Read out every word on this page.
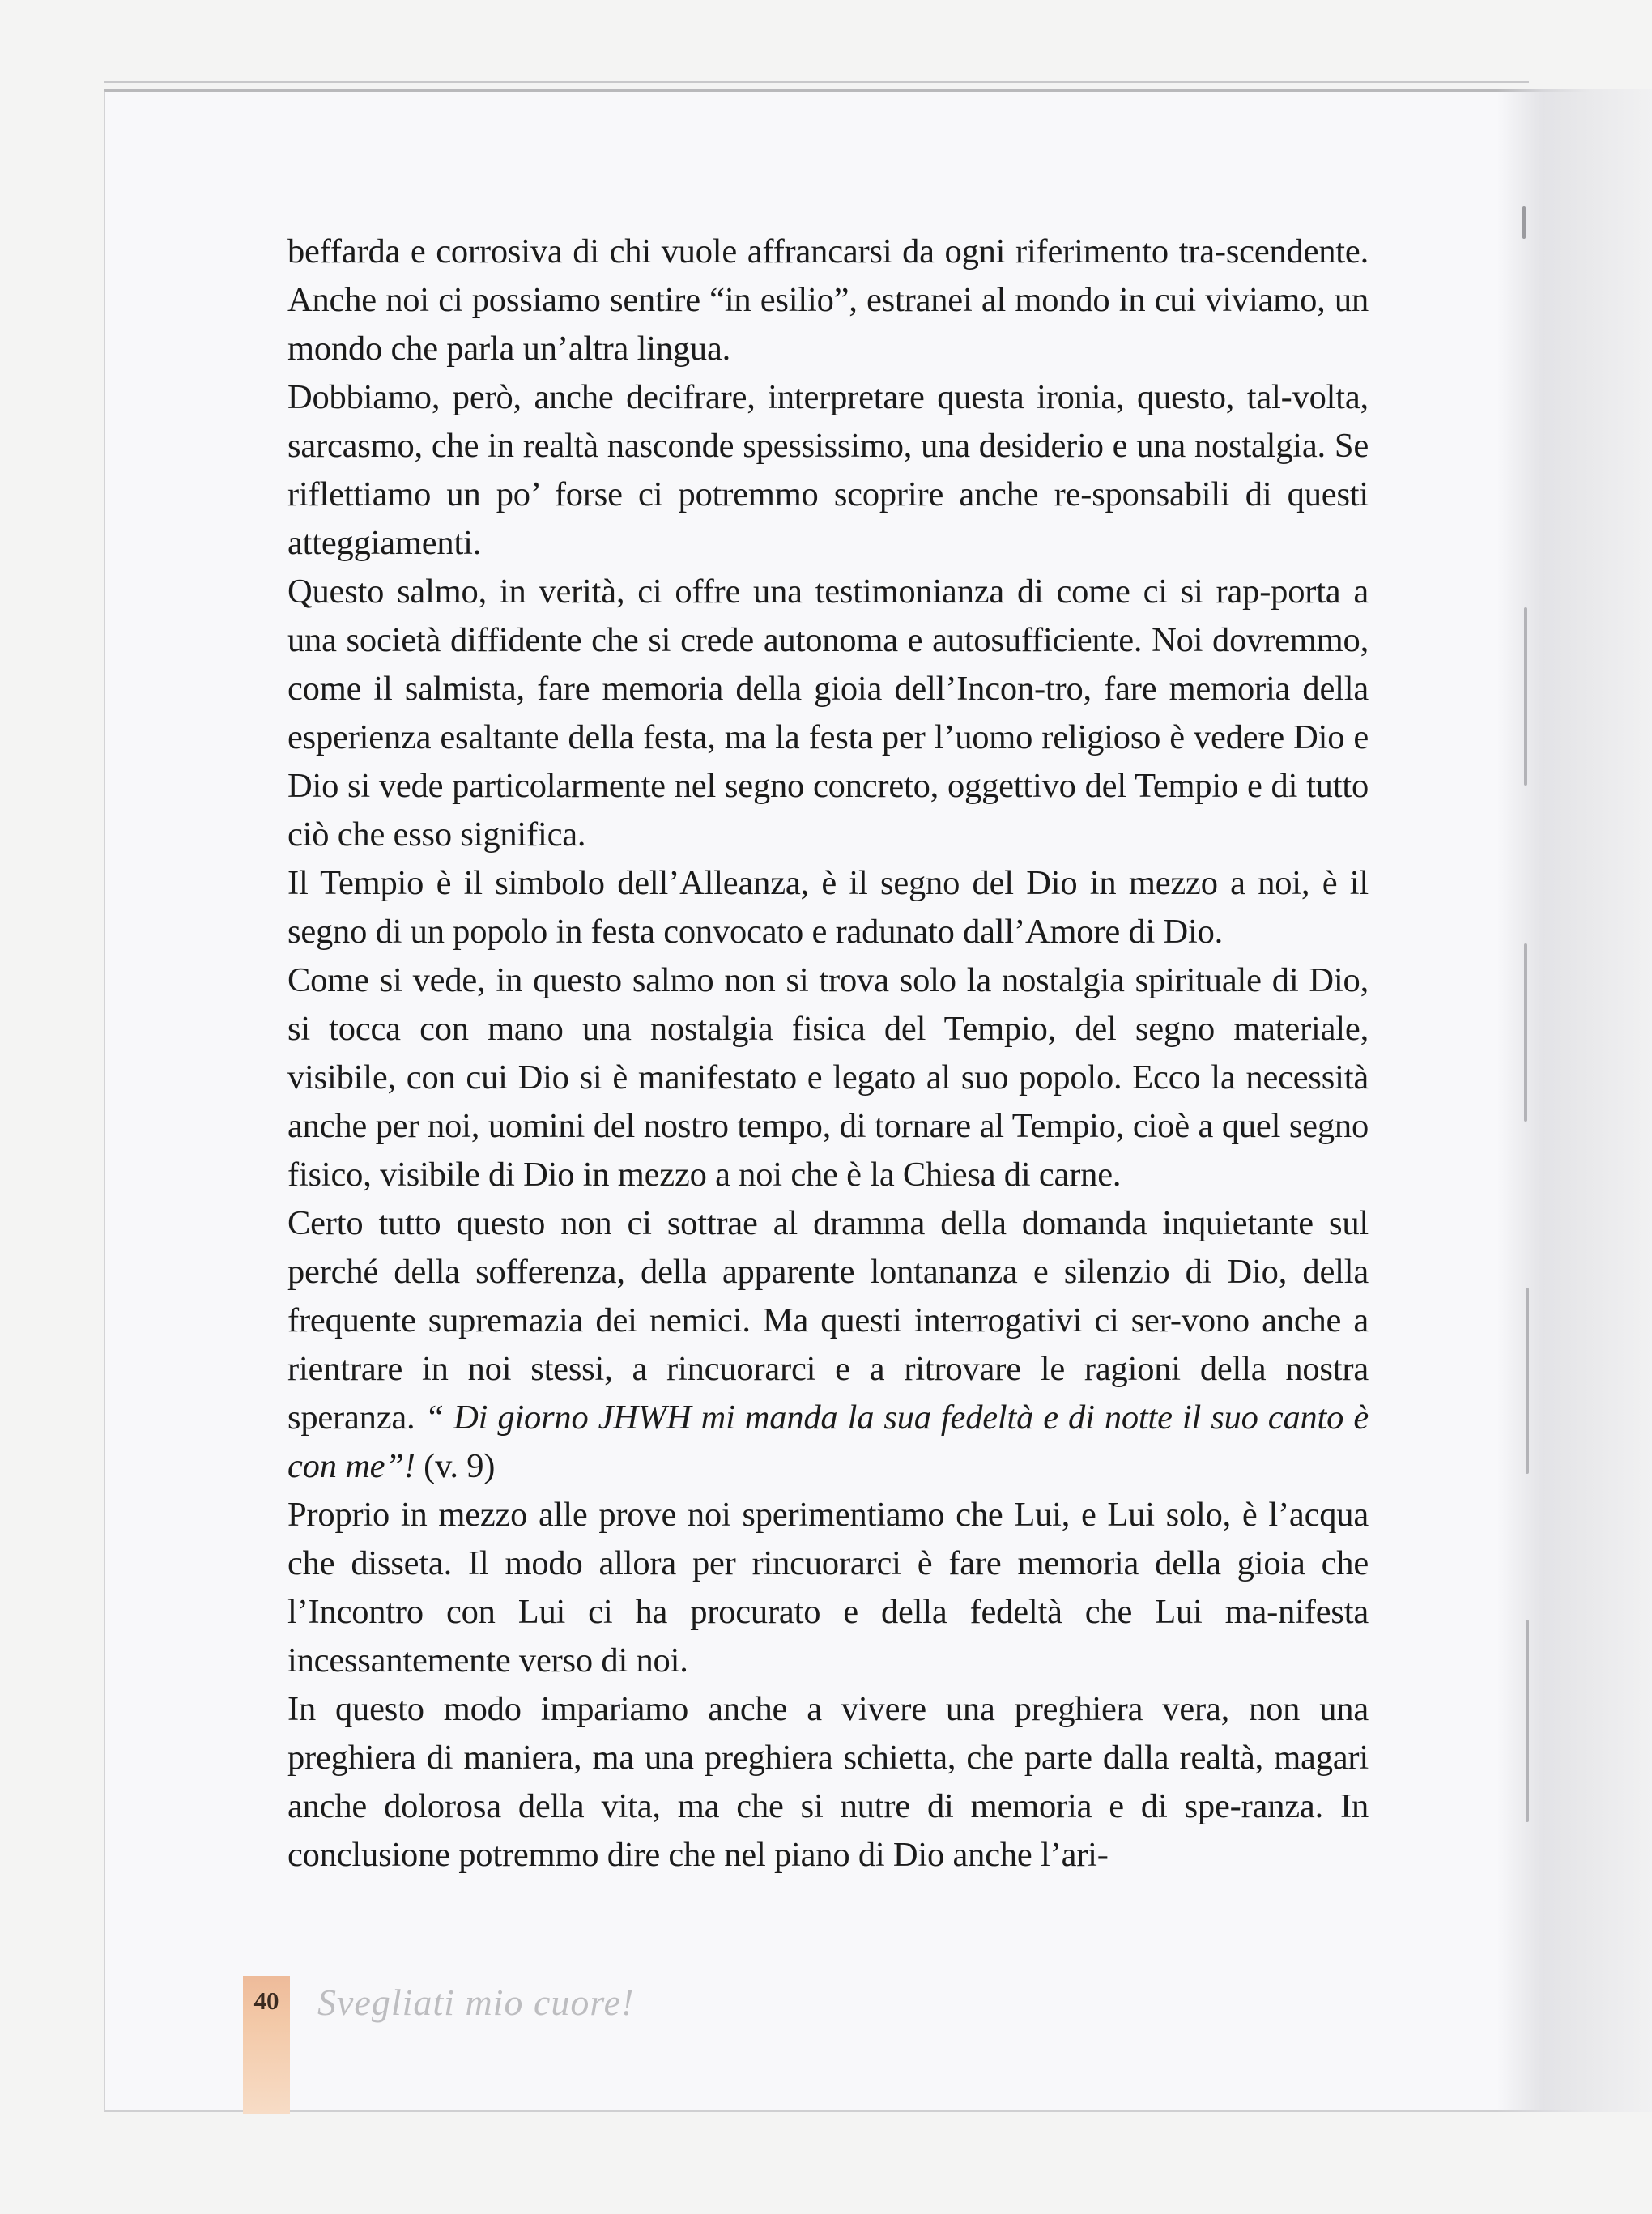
beffarda e corrosiva di chi vuole affrancarsi da ogni riferimento tra-scendente. Anche noi ci possiamo sentire “in esilio”, estranei al mondo in cui viviamo, un mondo che parla un’altra lingua.

Dobbiamo, però, anche decifrare, interpretare questa ironia, questo, tal-volta, sarcasmo, che in realtà nasconde spessissimo, una desiderio e una nostalgia. Se riflettiamo un po’ forse ci potremmo scoprire anche re-sponsabili di questi atteggiamenti.

Questo salmo, in verità, ci offre una testimonianza di come ci si rap-porta a una società diffidente che si crede autonoma e autosufficiente. Noi dovremmo, come il salmista, fare memoria della gioia dell’Incon-tro, fare memoria della esperienza esaltante della festa, ma la festa per l’uomo religioso è vedere Dio e Dio si vede particolarmente nel segno concreto, oggettivo del Tempio e di tutto ciò che esso significa.

Il Tempio è il simbolo dell’Alleanza, è il segno del Dio in mezzo a noi, è il segno di un popolo in festa convocato e radunato dall’Amore di Dio.

Come si vede, in questo salmo non si trova solo la nostalgia spirituale di Dio, si tocca con mano una nostalgia fisica del Tempio, del segno materiale, visibile, con cui Dio si è manifestato e legato al suo popolo. Ecco la necessità anche per noi, uomini del nostro tempo, di tornare al Tempio, cioè a quel segno fisico, visibile di Dio in mezzo a noi che è la Chiesa di carne.

Certo tutto questo non ci sottrae al dramma della domanda inquietante sul perché della sofferenza, della apparente lontananza e silenzio di Dio, della frequente supremazia dei nemici. Ma questi interrogativi ci ser-vono anche a rientrare in noi stessi, a rincuorarci e a ritrovare le ragioni della nostra speranza. “ Di giorno JHWH mi manda la sua fedeltà e di notte il suo canto è con me”! (v. 9)

Proprio in mezzo alle prove noi sperimentiamo che Lui, e Lui solo, è l’acqua che disseta. Il modo allora per rincuorarci è fare memoria della gioia che l’Incontro con Lui ci ha procurato e della fedeltà che Lui ma-nifesta incessantemente verso di noi.

In questo modo impariamo anche a vivere una preghiera vera, non una preghiera di maniera, ma una preghiera schietta, che parte dalla realtà, magari anche dolorosa della vita, ma che si nutre di memoria e di spe-ranza. In conclusione potremmo dire che nel piano di Dio anche l’ari-

40 Svegliati mio cuore!
